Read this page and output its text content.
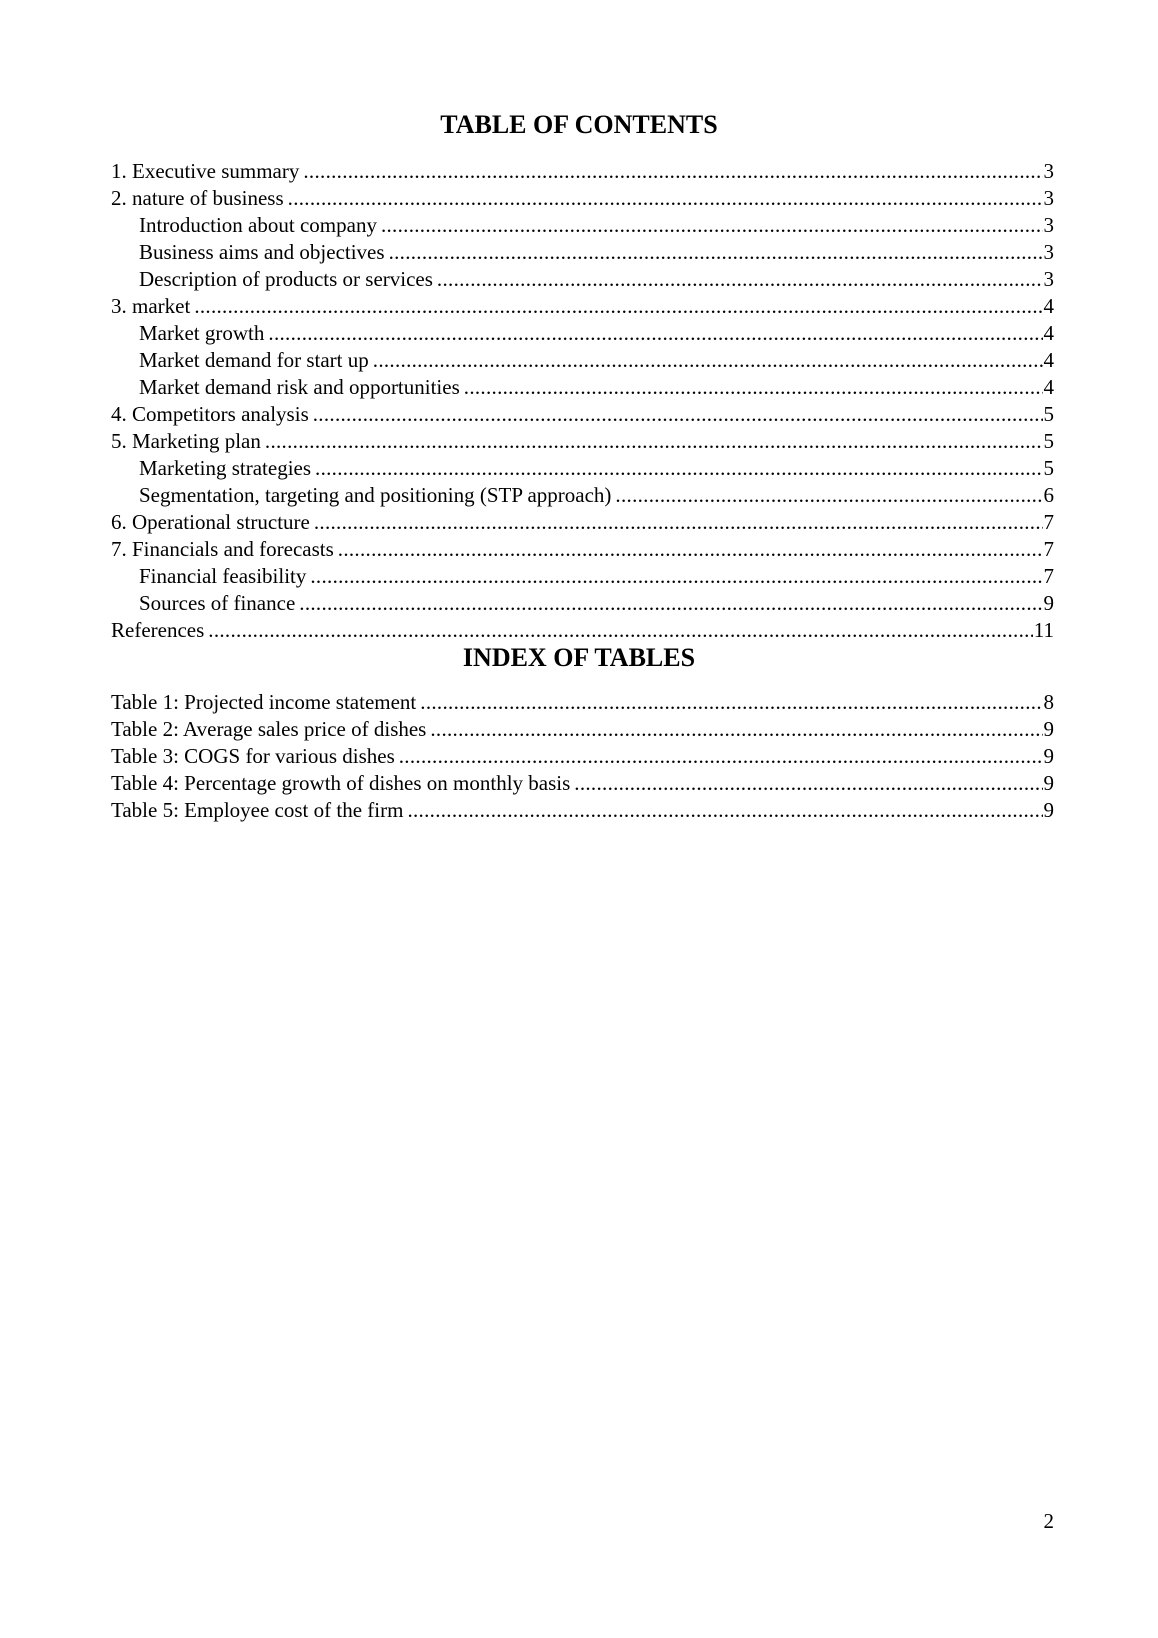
TABLE OF CONTENTS
1. Executive summary .....	3
2. nature of business .....	3
Introduction about company .....	3
Business aims and objectives .....	3
Description of products or services .....	3
3. market .....	4
Market growth .....	4
Market demand for start up .....	4
Market demand risk and opportunities .....	4
4. Competitors analysis .....	5
5. Marketing plan .....	5
Marketing strategies .....	5
Segmentation, targeting and positioning (STP approach) .....	6
6. Operational structure .....	7
7. Financials and forecasts .....	7
Financial feasibility .....	7
Sources of finance .....	9
References .....	11
INDEX OF TABLES
Table 1: Projected income statement .....	8
Table 2: Average sales price of dishes .....	9
Table 3: COGS for various dishes .....	9
Table 4: Percentage growth of dishes on monthly basis .....	9
Table 5: Employee cost of the firm .....	9
2
